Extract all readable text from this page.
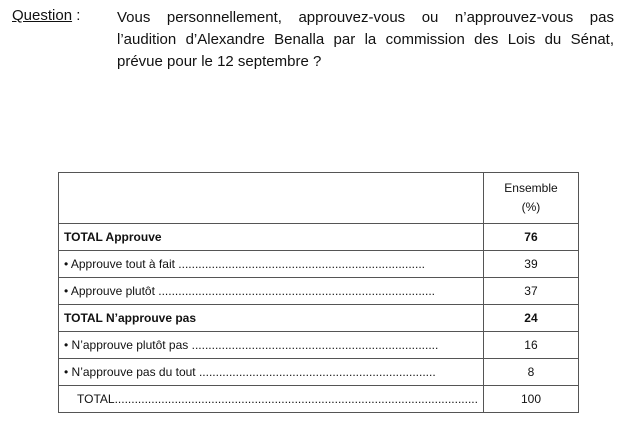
Question : Vous personnellement, approuvez-vous ou n’approuvez-vous pas l’audition d’Alexandre Benalla par la commission des Lois du Sénat, prévue pour le 12 septembre ?

	Ensemble
(%)

TOTAL Approuve	76
• Approuve tout à fait ..........................................................................	39
• Approuve plutôt ...................................................................................	37
TOTAL N’approuve pas	24
• N’approuve plutôt pas ..........................................................................	16
• N’approuve pas du tout .......................................................................	8
TOTAL.............................................................................................................	100
